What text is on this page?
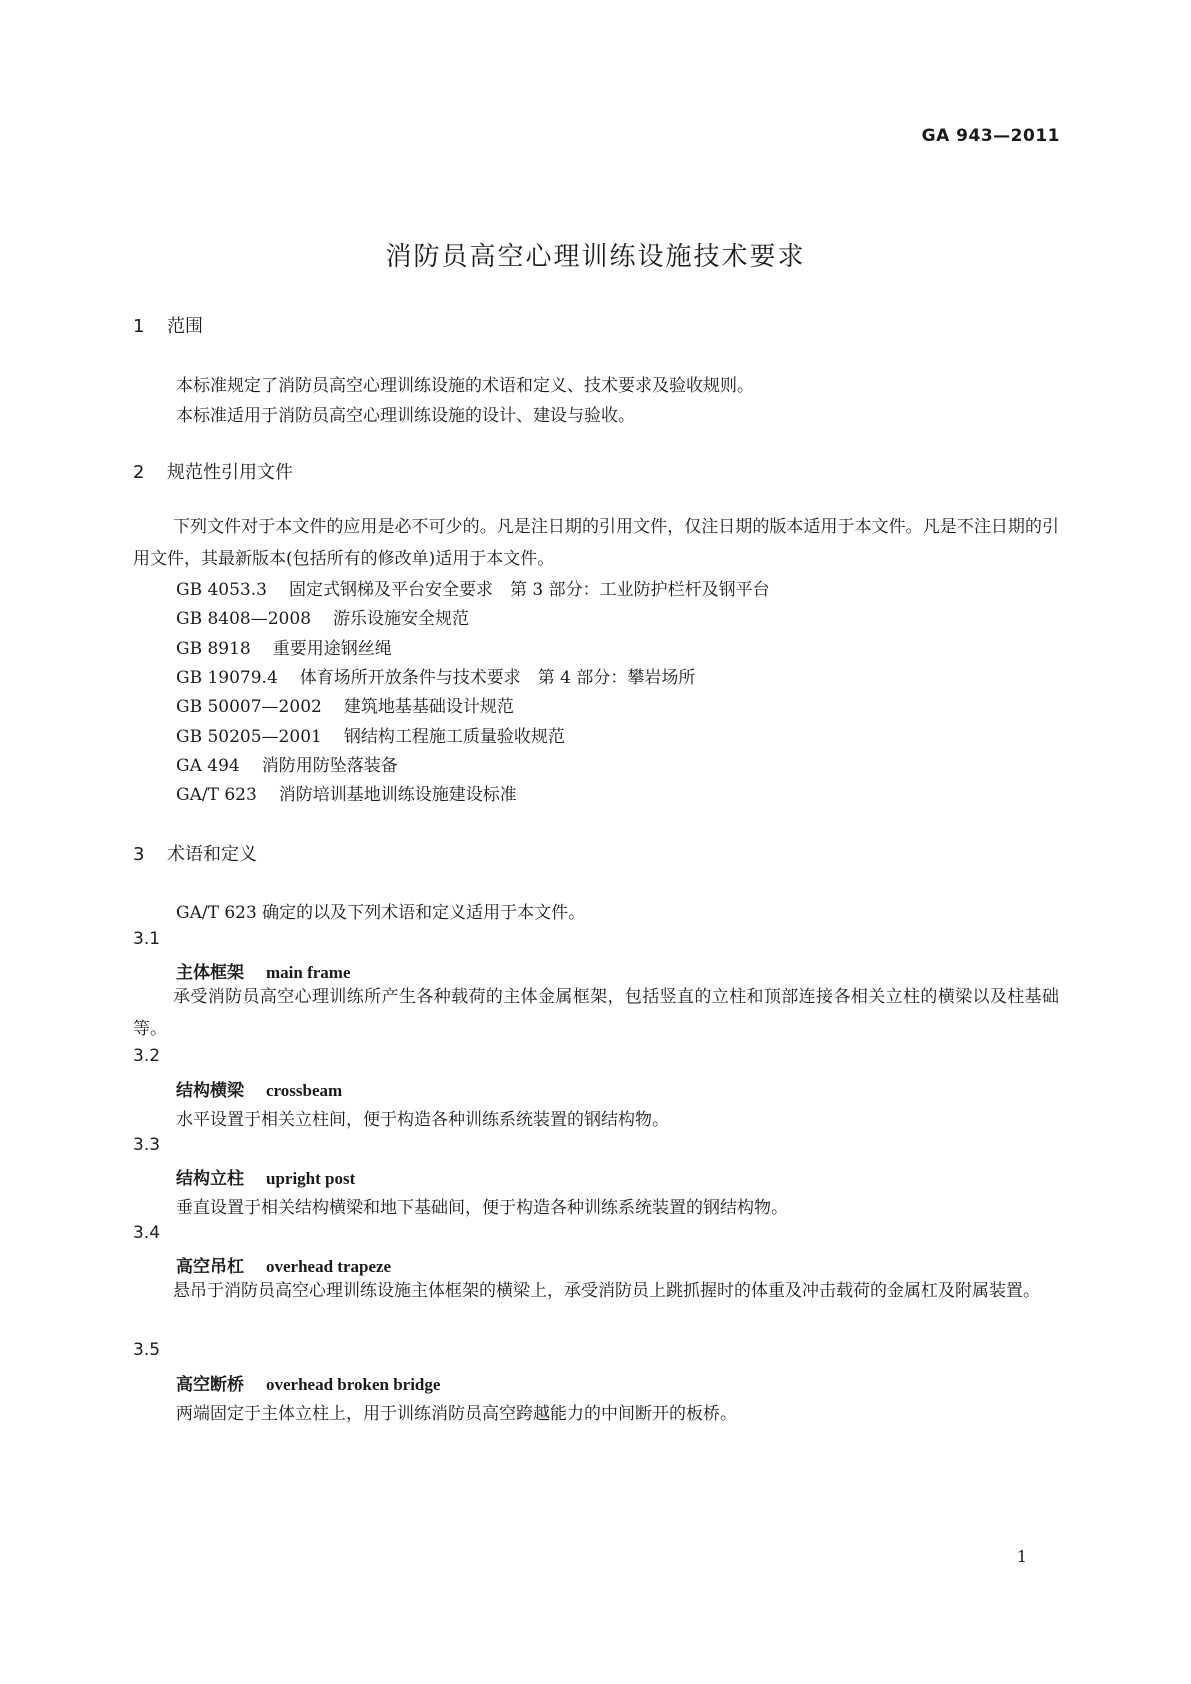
GA 943—2011
消防员高空心理训练设施技术要求
1 范围
本标准规定了消防员高空心理训练设施的术语和定义、技术要求及验收规则。
本标准适用于消防员高空心理训练设施的设计、建设与验收。
2 规范性引用文件
下列文件对于本文件的应用是必不可少的。凡是注日期的引用文件，仅注日期的版本适用于本文件。凡是不注日期的引用文件，其最新版本(包括所有的修改单)适用于本文件。
GB 4053.3 固定式钢梯及平台安全要求　第 3 部分：工业防护栏杆及钢平台
GB 8408—2008 游乐设施安全规范
GB 8918 重要用途钢丝绳
GB 19079.4 体育场所开放条件与技术要求　第 4 部分：攀岩场所
GB 50007—2002 建筑地基基础设计规范
GB 50205—2001 钢结构工程施工质量验收规范
GA 494 消防用防坠落装备
GA/T 623 消防培训基地训练设施建设标准
3 术语和定义
GA/T 623 确定的以及下列术语和定义适用于本文件。
3.1
主体框架 main frame
承受消防员高空心理训练所产生各种载荷的主体金属框架，包括竖直的立柱和顶部连接各相关立柱的横梁以及柱基础等。
3.2
结构横梁 crossbeam
水平设置于相关立柱间，便于构造各种训练系统装置的钢结构物。
3.3
结构立柱 upright post
垂直设置于相关结构横梁和地下基础间，便于构造各种训练系统装置的钢结构物。
3.4
高空吊杠 overhead trapeze
悬吊于消防员高空心理训练设施主体框架的横梁上，承受消防员上跳抓握时的体重及冲击载荷的金属杠及附属装置。
3.5
高空断桥 overhead broken bridge
两端固定于主体立柱上，用于训练消防员高空跨越能力的中间断开的板桥。
1
